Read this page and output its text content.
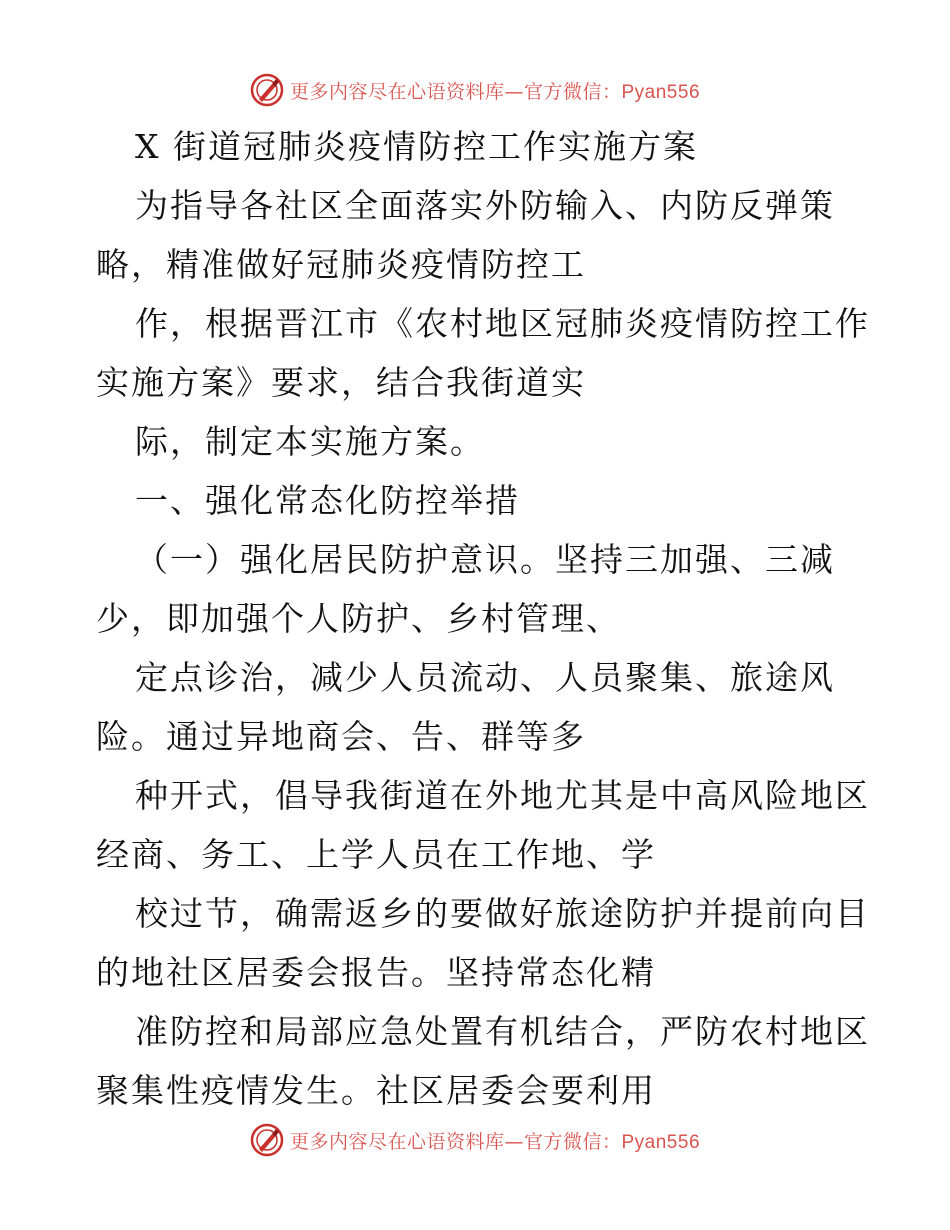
更多内容尽在心语资料库—官方微信：Pyan556
X 街道冠肺炎疫情防控工作实施方案
为指导各社区全面落实外防输入、内防反弹策
略，精准做好冠肺炎疫情防控工
作，根据晋江市《农村地区冠肺炎疫情防控工作
实施方案》要求，结合我街道实
际，制定本实施方案。
一、强化常态化防控举措
（一）强化居民防护意识。坚持三加强、三减
少，即加强个人防护、乡村管理、
定点诊治，减少人员流动、人员聚集、旅途风
险。通过异地商会、告、群等多
种开式，倡导我街道在外地尤其是中高风险地区
经商、务工、上学人员在工作地、学
校过节，确需返乡的要做好旅途防护并提前向目
的地社区居委会报告。坚持常态化精
准防控和局部应急处置有机结合，严防农村地区
聚集性疫情发生。社区居委会要利用
更多内容尽在心语资料库—官方微信：Pyan556
